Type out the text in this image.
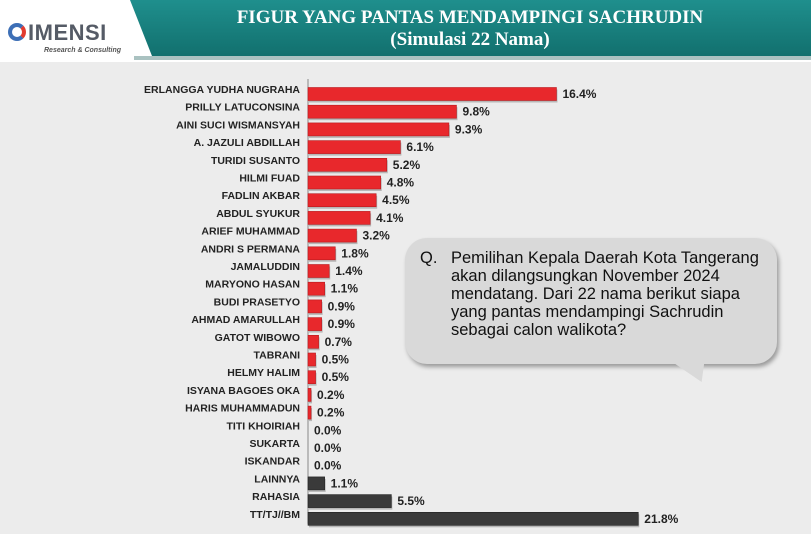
FIGUR YANG PANTAS MENDAMPINGI SACHRUDIN
(Simulasi 22 Nama)
IMENSI
Research & Consulting
ERLANGGA YUDHA NUGRAHA	16.4%
PRILLY LATUCONSINA	9.8%
AINI SUCI WISMANSYAH	9.3%
A. JAZULI ABDILLAH	6.1%
TURIDI SUSANTO	5.2%
HILMI FUAD	4.8%
FADLIN AKBAR	4.5%
ABDUL SYUKUR	4.1%
ARIEF MUHAMMAD	3.2%
ANDRI S PERMANA	1.8%
JAMALUDDIN	1.4%
MARYONO HASAN	1.1%
BUDI PRASETYO 0.9%
AHMAD AMARULLAH 0.9%
GATOT WIBOWO 0.7%
TABRANI 0.5%
HELMY HALIM 0.5%
ISYANA BAGOES OKA 0.2%
HARIS MUHAMMADUN 0.2%
TITI KHOIRIAH 0.0%
SUKARTA 0.0%
ISKANDAR 0.0%
LAINNYA	1.1%
RAHASIA	5.5%
TT/TJ//BM	21.8%
Q. Pemilihan Kepala Daerah Kota Tangerang akan dilangsungkan November 2024 mendatang. Dari 22 nama berikut siapa yang pantas mendampingi Sachrudin sebagai calon walikota?
